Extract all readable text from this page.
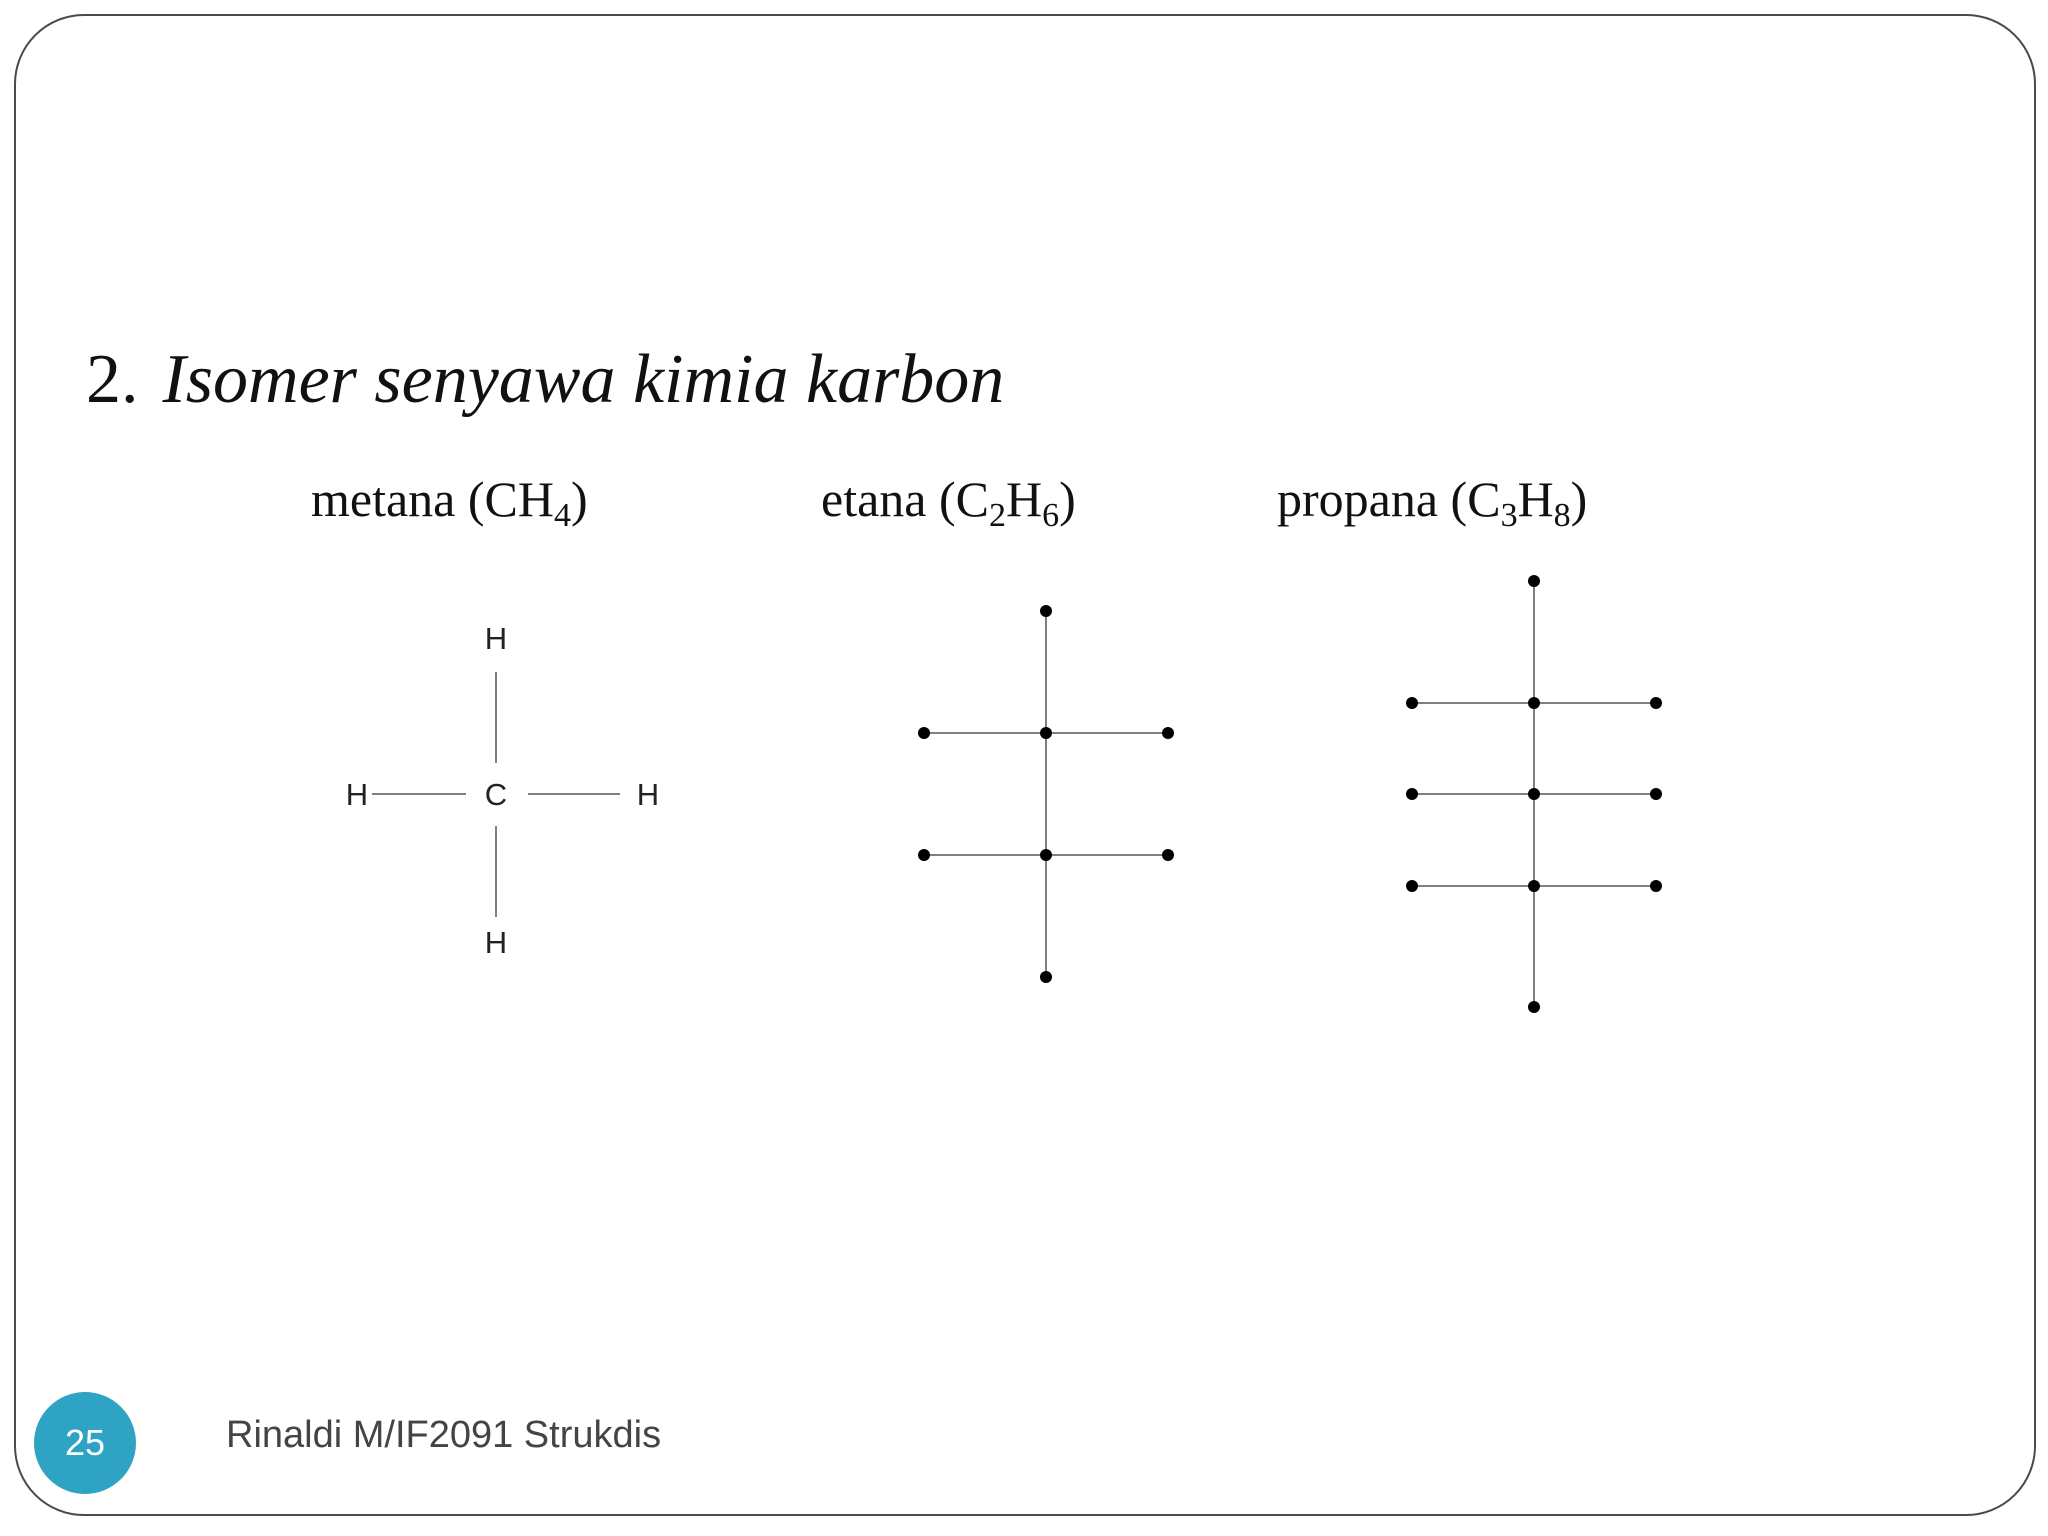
2. Isomer senyawa kimia karbon
metana $(CH_4)$	etana $(C_2H_6)$	propana $(C_3H_8)$
H
H	C	H
H
25	Rinaldi M/IF2091 Strukdis
